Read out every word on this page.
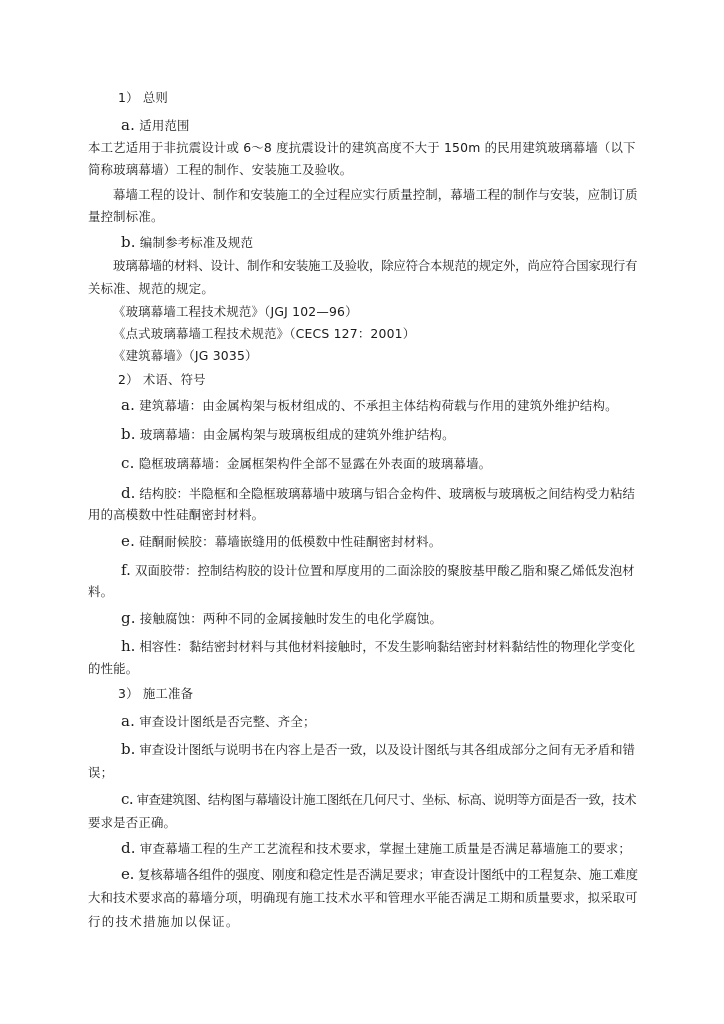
1） 总则
a. 适用范围
本工艺适用于非抗震设计或 6～8 度抗震设计的建筑高度不大于 150m 的民用建筑玻璃幕墙（以下
简称玻璃幕墙）工程的制作、安装施工及验收。
幕墙工程的设计、制作和安装施工的全过程应实行质量控制，幕墙工程的制作与安装，应制订质
量控制标准。
b. 编制参考标准及规范
玻璃幕墙的材料、设计、制作和安装施工及验收，除应符合本规范的规定外，尚应符合国家现行有
关标准、规范的规定。
《玻璃幕墙工程技术规范》（JGJ 102—96）
《点式玻璃幕墙工程技术规范》（CECS 127：2001）
《建筑幕墙》（JG 3035）
2） 术语、符号
a. 建筑幕墙：由金属构架与板材组成的、不承担主体结构荷载与作用的建筑外维护结构。
b. 玻璃幕墙：由金属构架与玻璃板组成的建筑外维护结构。
c. 隐框玻璃幕墙：金属框架构件全部不显露在外表面的玻璃幕墙。
d. 结构胶：半隐框和全隐框玻璃幕墙中玻璃与铝合金构件、玻璃板与玻璃板之间结构受力粘结
用的高模数中性硅酮密封材料。
e. 硅酮耐候胶：幕墙嵌缝用的低模数中性硅酮密封材料。
f. 双面胶带：控制结构胶的设计位置和厚度用的二面涂胶的聚胺基甲酸乙脂和聚乙烯低发泡材
料。
g. 接触腐蚀：两种不同的金属接触时发生的电化学腐蚀。
h. 相容性：黏结密封材料与其他材料接触时，不发生影响黏结密封材料黏结性的物理化学变化
的性能。
3） 施工准备
a. 审查设计图纸是否完整、齐全；
b. 审查设计图纸与说明书在内容上是否一致，以及设计图纸与其各组成部分之间有无矛盾和错
误；
c. 审查建筑图、结构图与幕墙设计施工图纸在几何尺寸、坐标、标高、说明等方面是否一致，技术
要求是否正确。
d. 审查幕墙工程的生产工艺流程和技术要求，掌握土建施工质量是否满足幕墙施工的要求；
e. 复核幕墙各组件的强度、刚度和稳定性是否满足要求；审查设计图纸中的工程复杂、施工难度
大和技术要求高的幕墙分项，明确现有施工技术水平和管理水平能否满足工期和质量要求，拟采取可
行的技术措施加以保证。
